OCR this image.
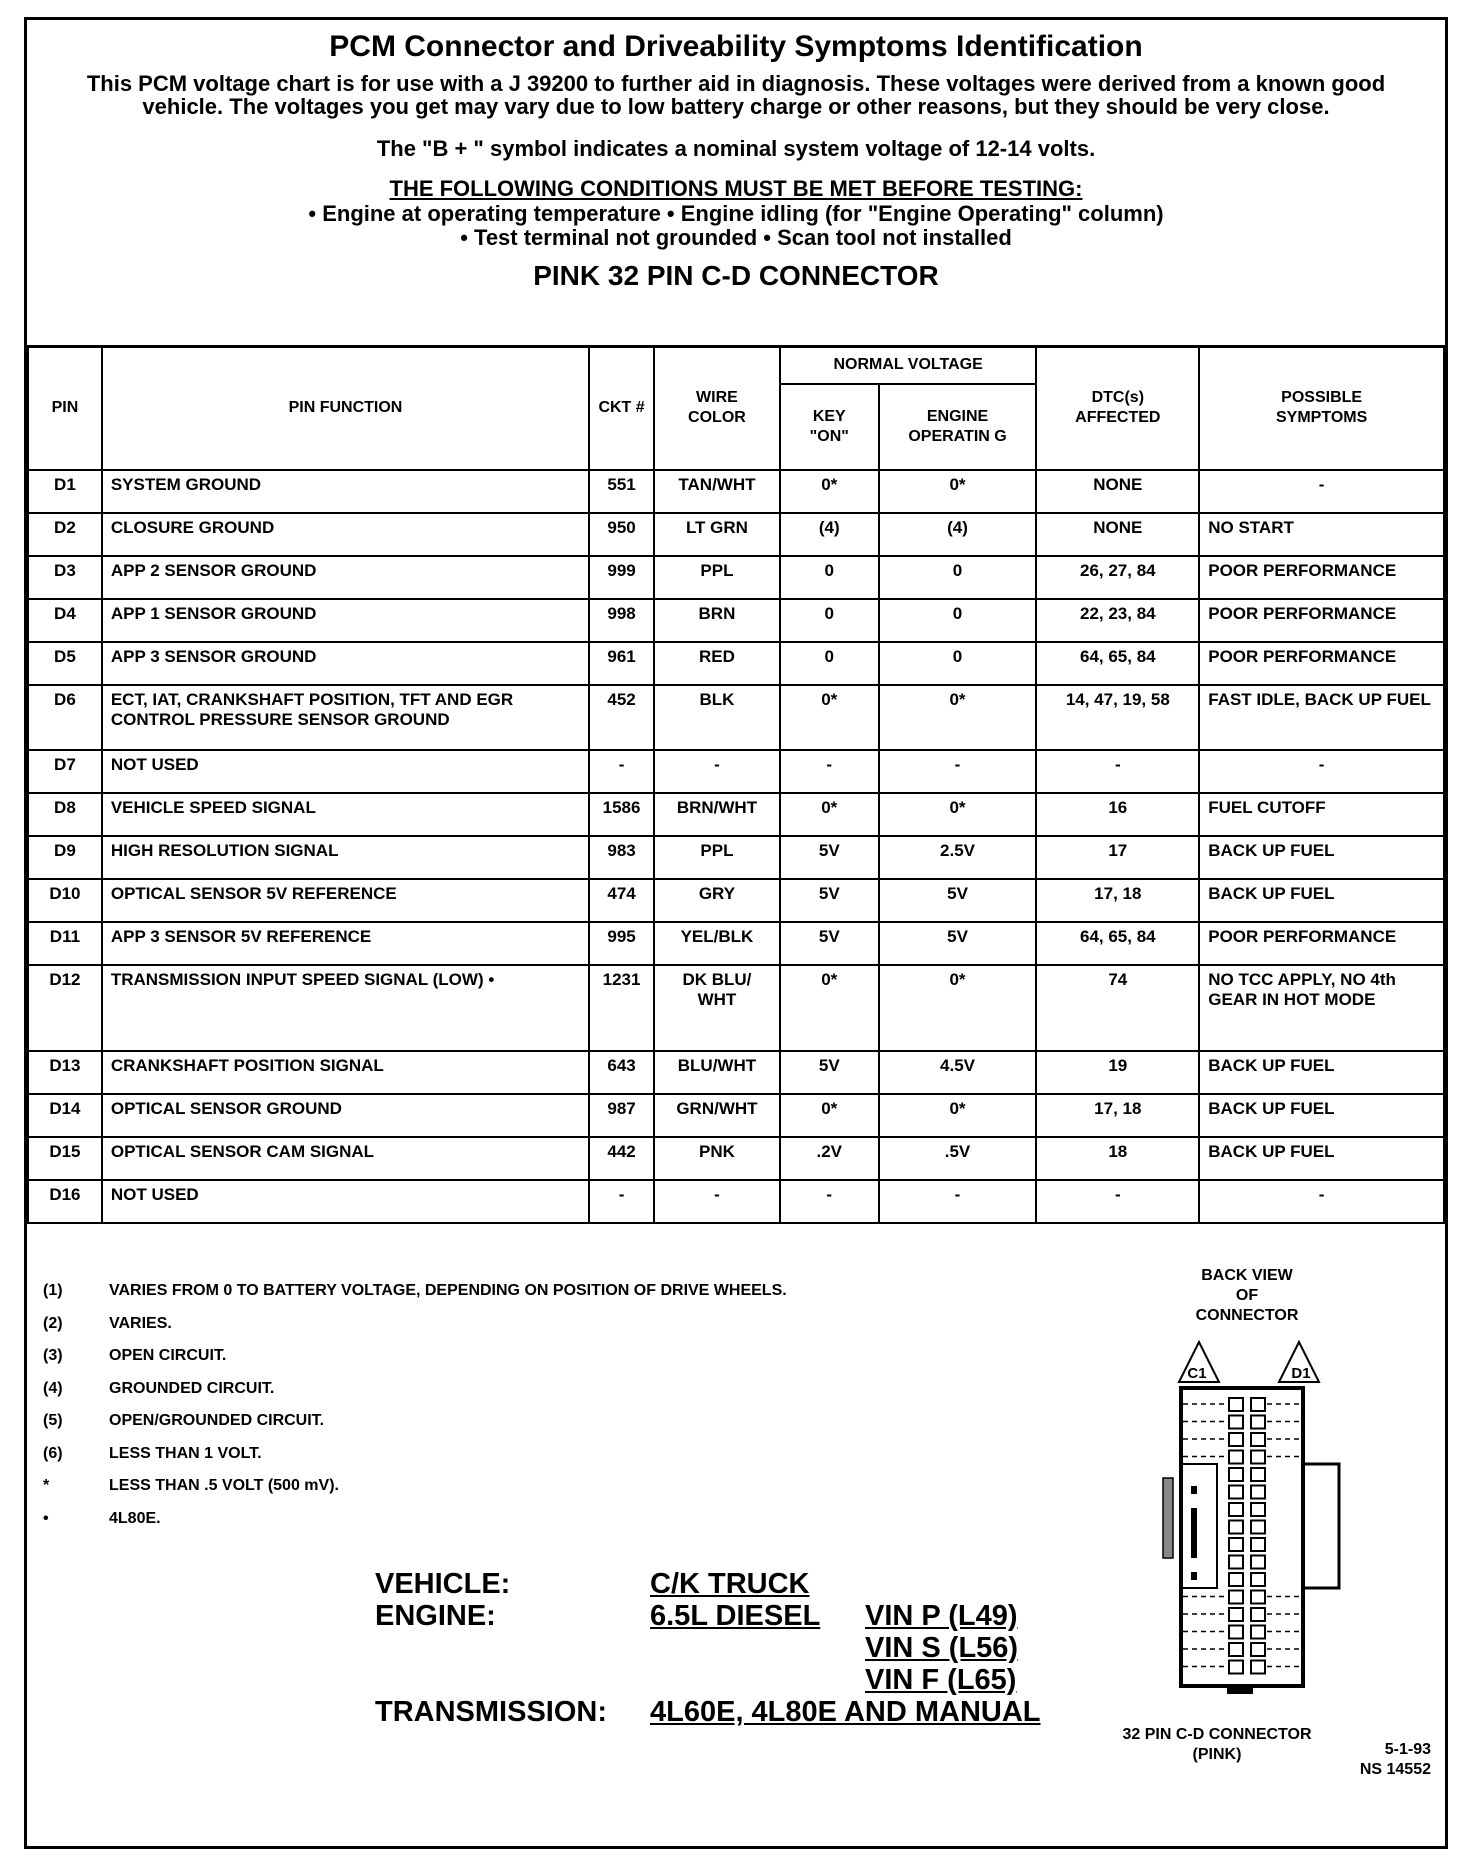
PCM Connector and Driveability Symptoms Identification
This PCM voltage chart is for use with a J 39200 to further aid in diagnosis. These voltages were derived from a known good vehicle. The voltages you get may vary due to low battery charge or other reasons, but they should be very close.
The "B + " symbol indicates a nominal system voltage of 12-14 volts.
THE FOLLOWING CONDITIONS MUST BE MET BEFORE TESTING:
• Engine at operating temperature • Engine idling (for "Engine Operating" column)
• Test terminal not grounded • Scan tool not installed
PINK 32 PIN C-D CONNECTOR
PIN	PIN FUNCTION	CKT #	WIRE COLOR	NORMAL VOLTAGE		DTC(s) AFFECTED	POSSIBLE SYMPTOMS
				KEY "ON"	ENGINE OPERATIN G		
D1	SYSTEM GROUND	551	TAN/WHT	0*	0*	NONE	-
D2	CLOSURE GROUND	950	LT GRN	(4)	(4)	NONE	NO START
D3	APP 2 SENSOR GROUND	999	PPL	0	0	26, 27, 84	POOR PERFORMANCE
D4	APP 1 SENSOR GROUND	998	BRN	0	0	22, 23, 84	POOR PERFORMANCE
D5	APP 3 SENSOR GROUND	961	RED	0	0	64, 65, 84	POOR PERFORMANCE
D6	ECT, IAT, CRANKSHAFT POSITION, TFT AND EGR CONTROL PRESSURE SENSOR GROUND	452	BLK	0*	0*	14, 47, 19, 58	FAST IDLE, BACK UP FUEL
D7	NOT USED	-	-	-	-	-	-
D8	VEHICLE SPEED SIGNAL	1586	BRN/WHT	0*	0*	16	FUEL CUTOFF
D9	HIGH RESOLUTION SIGNAL	983	PPL	5V	2.5V	17	BACK UP FUEL
D10	OPTICAL SENSOR 5V REFERENCE	474	GRY	5V	5V	17, 18	BACK UP FUEL
D11	APP 3 SENSOR 5V REFERENCE	995	YEL/BLK	5V	5V	64, 65, 84	POOR PERFORMANCE
D12	TRANSMISSION INPUT SPEED SIGNAL (LOW) •	1231	DK BLU/ WHT	0*	0*	74	NO TCC APPLY, NO 4th GEAR IN HOT MODE
D13	CRANKSHAFT POSITION SIGNAL	643	BLU/WHT	5V	4.5V	19	BACK UP FUEL
D14	OPTICAL SENSOR GROUND	987	GRN/WHT	0*	0*	17, 18	BACK UP FUEL
D15	OPTICAL SENSOR CAM SIGNAL	442	PNK	.2V	.5V	18	BACK UP FUEL
D16	NOT USED	-	-	-	-	-	-
(1)	VARIES FROM 0 TO BATTERY VOLTAGE, DEPENDING ON POSITION OF DRIVE WHEELS.
(2)	VARIES.
(3)	OPEN CIRCUIT.
(4)	GROUNDED CIRCUIT.
(5)	OPEN/GROUNDED CIRCUIT.
(6)	LESS THAN 1 VOLT.
*	LESS THAN .5 VOLT (500 mV).
•	4L80E.
VEHICLE:	C/K TRUCK
ENGINE:	6.5L DIESEL	VIN P (L49)
VIN S (L56)
VIN F (L65)
TRANSMISSION:	4L60E, 4L80E AND MANUAL
BACK VIEW OF CONNECTOR
C1	D1
32 PIN C-D CONNECTOR (PINK)	5-1-93
NS 14552
